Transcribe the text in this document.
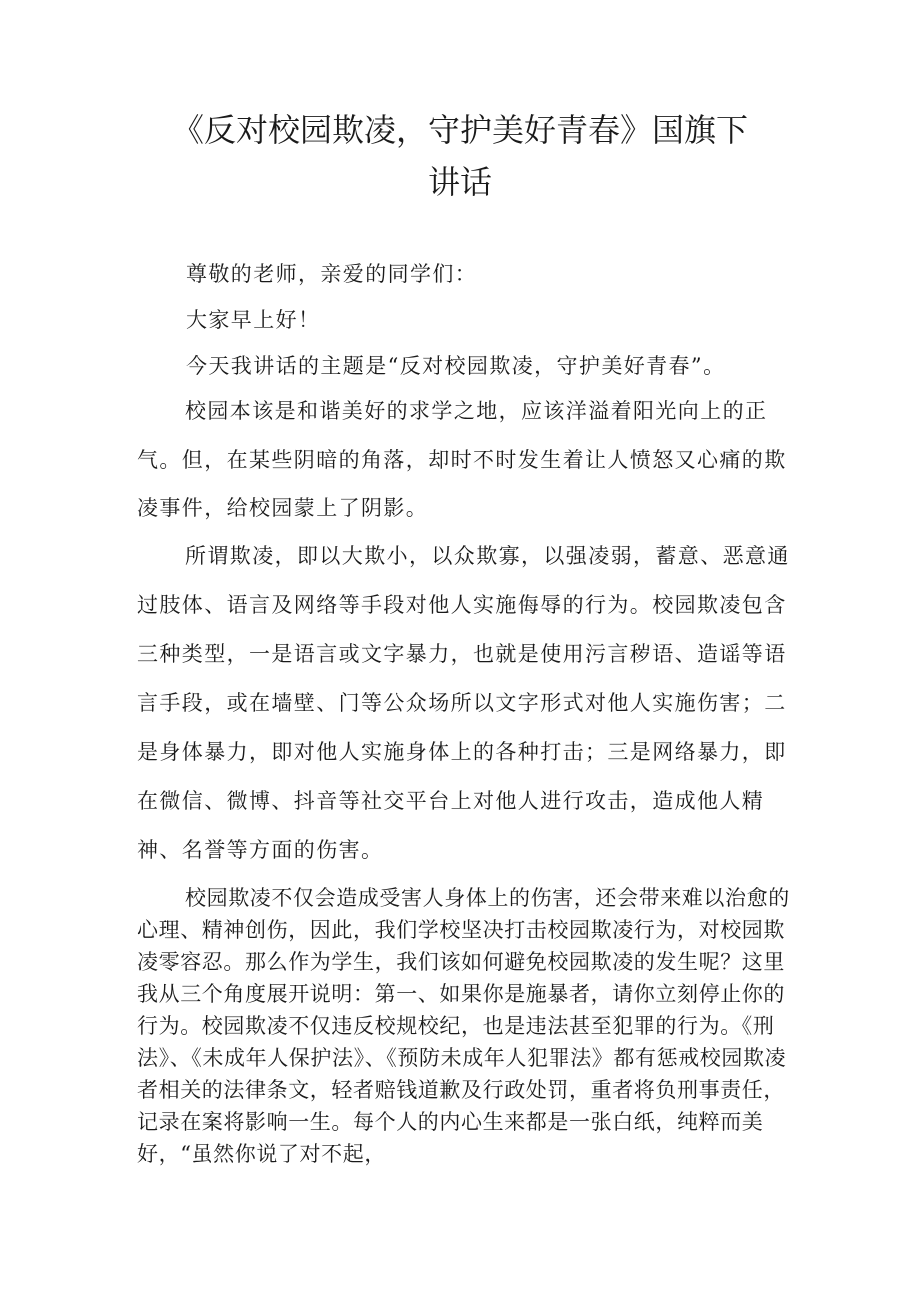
《反对校园欺凌，守护美好青春》国旗下
讲话

尊敬的老师，亲爱的同学们：

大家早上好！

今天我讲话的主题是“反对校园欺凌，守护美好青春”。

校园本该是和谐美好的求学之地，应该洋溢着阳光向上的正气。但，在某些阴暗的角落，却时不时发生着让人愤怒又心痛的欺凌事件，给校园蒙上了阴影。

所谓欺凌，即以大欺小，以众欺寡，以强凌弱，蓄意、恶意通过肢体、语言及网络等手段对他人实施侮辱的行为。校园欺凌包含三种类型，一是语言或文字暴力，也就是使用污言秽语、造谣等语言手段，或在墙壁、门等公众场所以文字形式对他人实施伤害；二是身体暴力，即对他人实施身体上的各种打击；三是网络暴力，即在微信、微博、抖音等社交平台上对他人进行攻击，造成他人精神、名誉等方面的伤害。

校园欺凌不仅会造成受害人身体上的伤害，还会带来难以治愈的心理、精神创伤，因此，我们学校坚决打击校园欺凌行为，对校园欺凌零容忍。那么作为学生，我们该如何避免校园欺凌的发生呢？这里我从三个角度展开说明：第一、如果你是施暴者，请你立刻停止你的行为。校园欺凌不仅违反校规校纪，也是违法甚至犯罪的行为。《刑法》、《未成年人保护法》、《预防未成年人犯罪法》都有惩戒校园欺凌者相关的法律条文，轻者赔钱道歉及行政处罚，重者将负刑事责任，记录在案将影响一生。每个人的内心生来都是一张白纸，纯粹而美好，“虽然你说了对不起，
